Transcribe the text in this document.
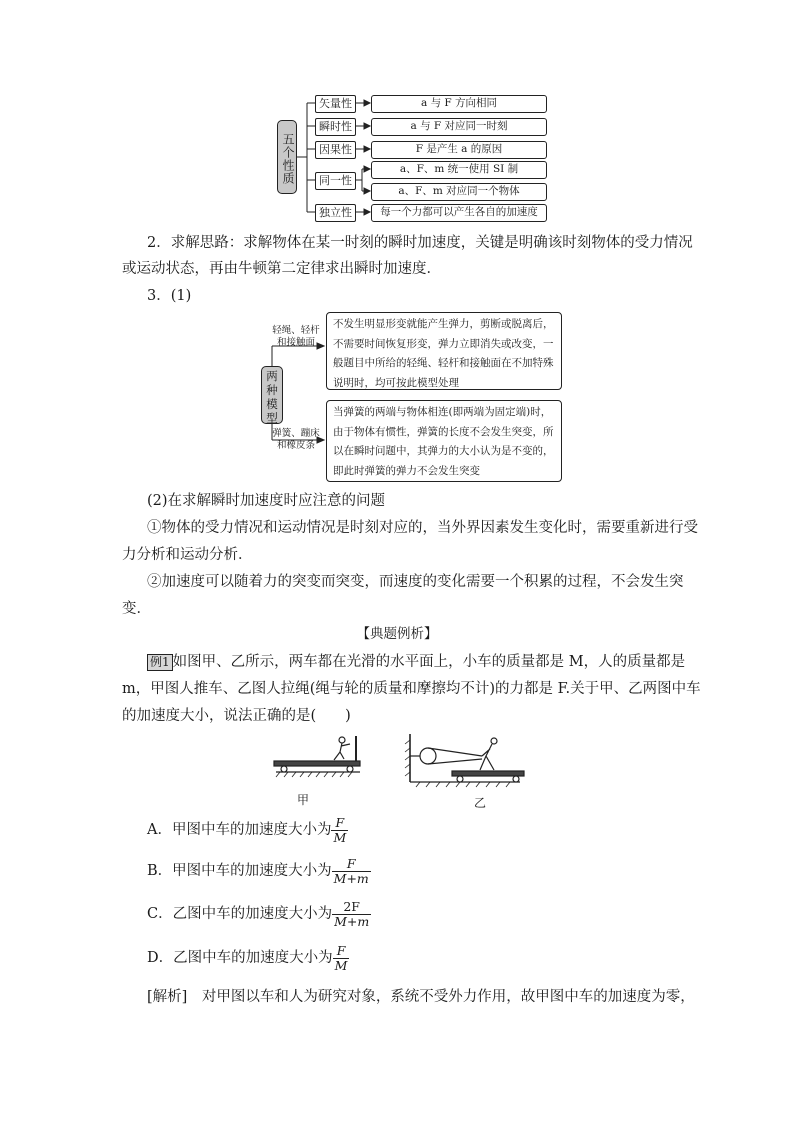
五个性质
矢量性
瞬时性
因果性
同一性
独立性
a 与 F 方向相同
a 与 F 对应同一时刻
F 是产生 a 的原因
a、F、m 统一使用 SI 制
a、F、m 对应同一个物体
每一个力都可以产生各自的加速度
2．求解思路：求解物体在某一时刻的瞬时加速度，关键是明确该时刻物体的受力情况
或运动状态，再由牛顿第二定律求出瞬时加速度．
3．(1)
轻绳、轻杆和接触面
弹簧、蹦床和橡皮条
两种模型
不发生明显形变就能产生弹力，剪断或脱离后，不需要时间恢复形变，弹力立即消失或改变，一般题目中所给的轻绳、轻杆和接触面在不加特殊说明时，均可按此模型处理
当弹簧的两端与物体相连(即两端为固定端)时，由于物体有惯性，弹簧的长度不会发生突变，所以在瞬时问题中，其弹力的大小认为是不变的，即此时弹簧的弹力不会发生突变
(2)在求解瞬时加速度时应注意的问题
①物体的受力情况和运动情况是时刻对应的，当外界因素发生变化时，需要重新进行受
力分析和运动分析．
②加速度可以随着力的突变而突变，而速度的变化需要一个积累的过程，不会发生突
变．
【典题例析】
例1 如图甲、乙所示，两车都在光滑的水平面上，小车的质量都是 M，人的质量都是
m，甲图人推车、乙图人拉绳(绳与轮的质量和摩擦均不计)的力都是 F.关于甲、乙两图中车
的加速度大小，说法正确的是(　　)
甲	乙
A．甲图中车的加速度大小为 $\frac{F}{M}$
B．甲图中车的加速度大小为 $\frac{F}{M+m}$
C．乙图中车的加速度大小为 $\frac{2F}{M+m}$
D．乙图中车的加速度大小为 $\frac{F}{M}$
[解析]　对甲图以车和人为研究对象，系统不受外力作用，故甲图中车的加速度为零，
